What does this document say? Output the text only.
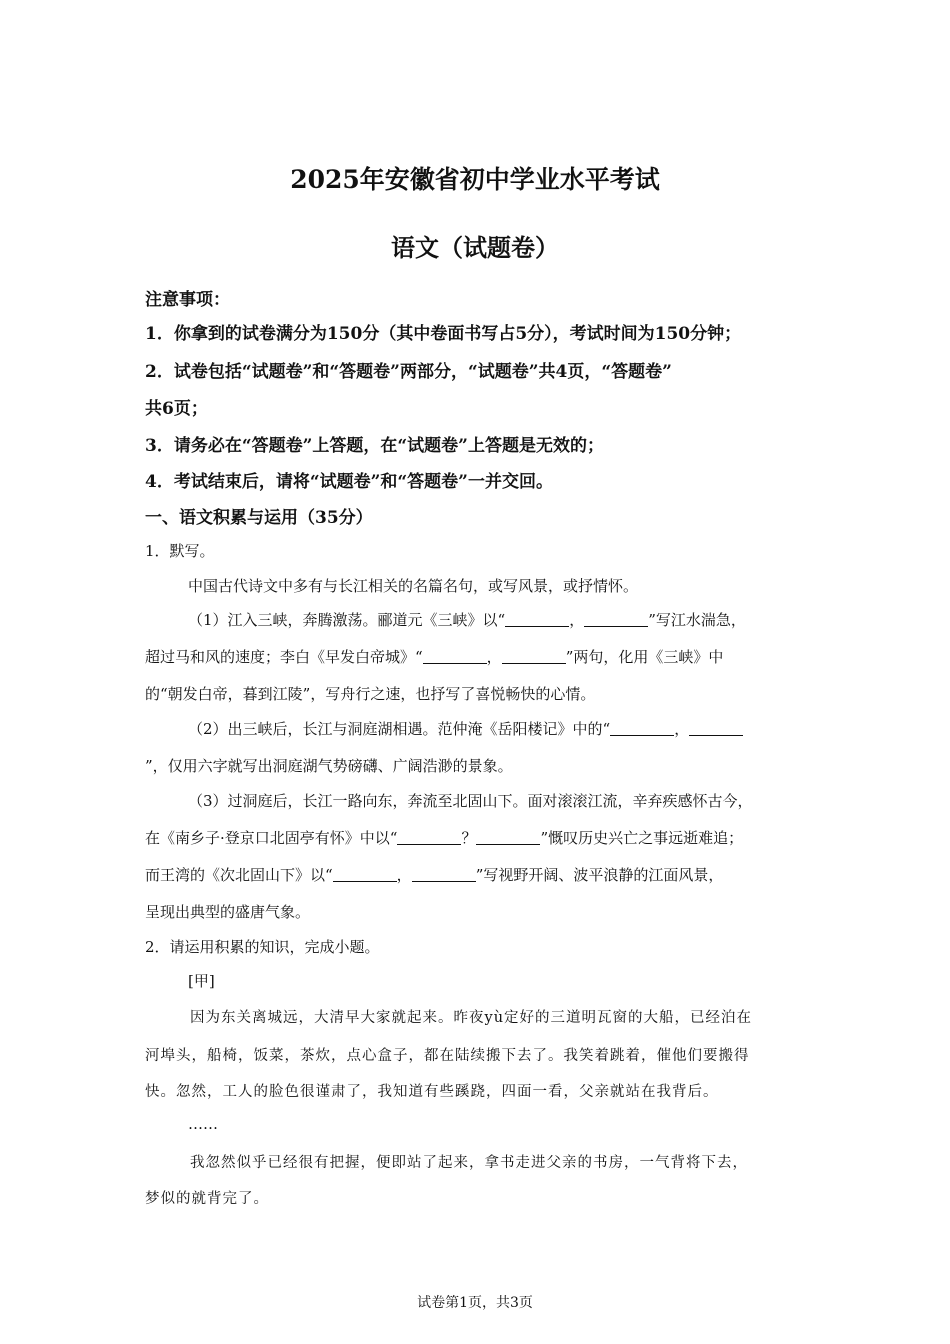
2025年安徽省初中学业水平考试
语文（试题卷）
注意事项：
1．你拿到的试卷满分为150分（其中卷面书写占5分），考试时间为150分钟；
2．试卷包括“试题卷”和“答题卷”两部分，“试题卷”共4页，“答题卷”
共6页；
3．请务必在“答题卷”上答题，在“试题卷”上答题是无效的；
4．考试结束后，请将“试题卷”和“答题卷”一并交回。
一、语文积累与运用（35分）
1．默写。
中国古代诗文中多有与长江相关的名篇名句，或写风景，或抒情怀。
（1）江入三峡，奔腾激荡。郦道元《三峡》以“	，	”写江水湍急，
超过马和风的速度；李白《早发白帝城》“	，	”两句，化用《三峡》中
的“朝发白帝，暮到江陵”，写舟行之速，也抒写了喜悦畅快的心情。
（2）出三峡后，长江与洞庭湖相遇。范仲淹《岳阳楼记》中的“	，
”，仅用六字就写出洞庭湖气势磅礴、广阔浩渺的景象。
（3）过洞庭后，长江一路向东，奔流至北固山下。面对滚滚江流，辛弃疾感怀古今，
在《南乡子·登京口北固亭有怀》中以“	？	”慨叹历史兴亡之事远逝难追；
而王湾的《次北固山下》以“	，	”写视野开阔、波平浪静的江面风景，
呈现出典型的盛唐气象。
2．请运用积累的知识，完成小题。
[甲]
因为东关离城远，大清早大家就起来。昨夜yù定好的三道明瓦窗的大船，已经泊在
河埠头，船椅，饭菜，茶炊，点心盒子，都在陆续搬下去了。我笑着跳着，催他们要搬得
快。忽然，工人的脸色很谨肃了，我知道有些蹊跷，四面一看，父亲就站在我背后。
……
我忽然似乎已经很有把握，便即站了起来，拿书走进父亲的书房，一气背将下去，
梦似的就背完了。
试卷第1页，共3页
